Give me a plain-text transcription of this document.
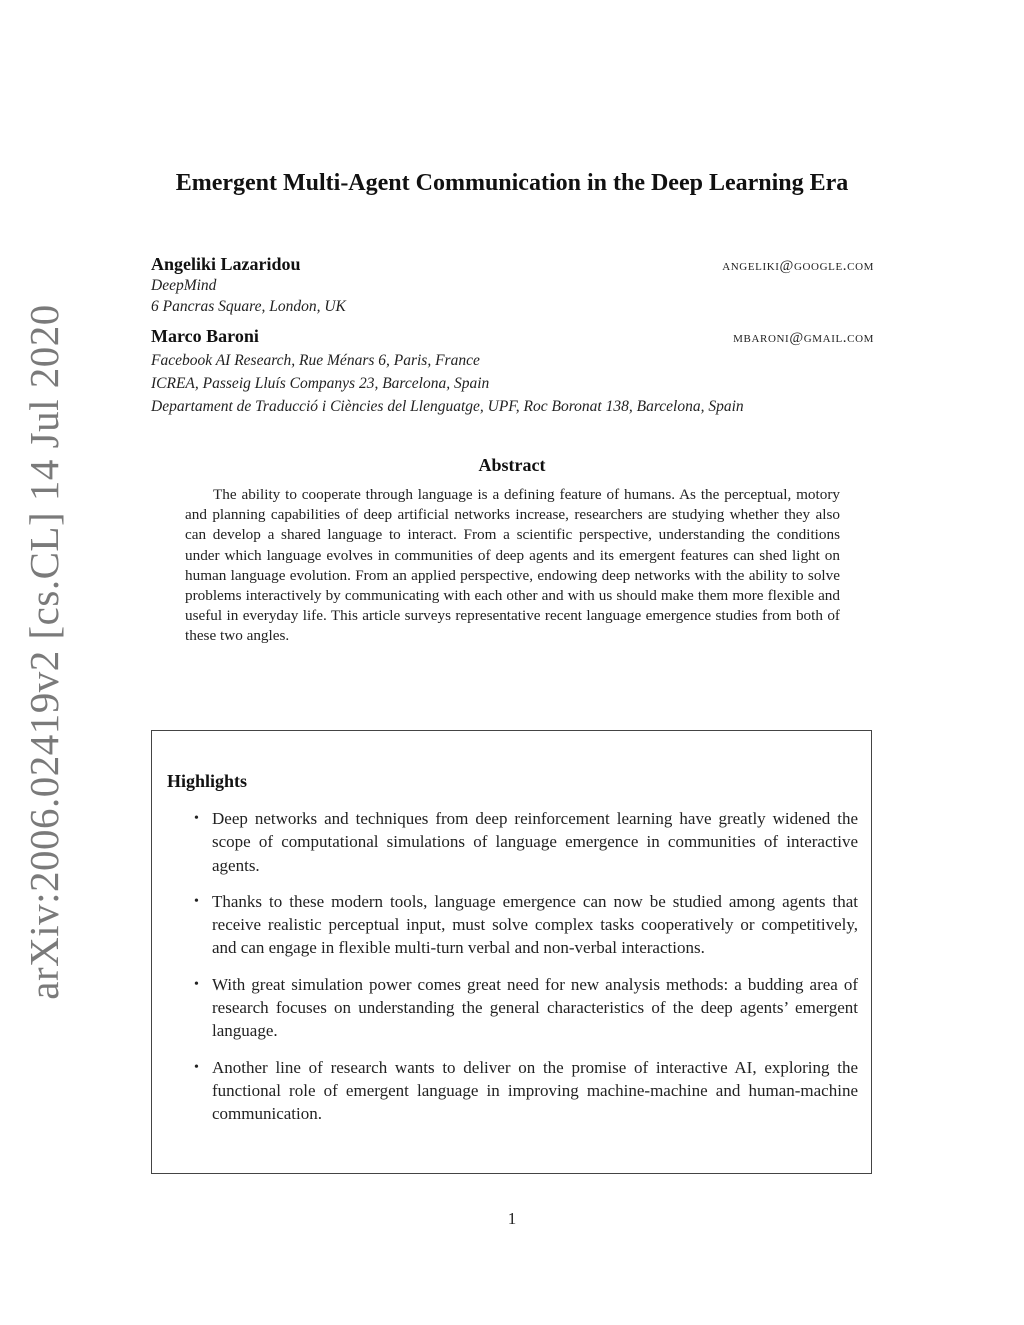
arXiv:2006.02419v2 [cs.CL] 14 Jul 2020
Emergent Multi-Agent Communication in the Deep Learning Era
Angeliki Lazaridou	angeliki@google.com
DeepMind
6 Pancras Square, London, UK
Marco Baroni	mbaroni@gmail.com
Facebook AI Research, Rue Ménars 6, Paris, France
ICREA, Passeig Lluís Companys 23, Barcelona, Spain
Departament de Traducció i Ciències del Llenguatge, UPF, Roc Boronat 138, Barcelona, Spain
Abstract

The ability to cooperate through language is a defining feature of humans. As the perceptual, motory and planning capabilities of deep artificial networks increase, researchers are studying whether they also can develop a shared language to interact. From a scientific perspective, understanding the conditions under which language evolves in communities of deep agents and its emergent features can shed light on human language evolution. From an applied perspective, endowing deep networks with the ability to solve problems interactively by communicating with each other and with us should make them more flexible and useful in everyday life. This article surveys representative recent language emergence studies from both of these two angles.

Highlights
• Deep networks and techniques from deep reinforcement learning have greatly widened the scope of computational simulations of language emergence in communities of interactive agents.
• Thanks to these modern tools, language emergence can now be studied among agents that receive realistic perceptual input, must solve complex tasks cooperatively or competitively, and can engage in flexible multi-turn verbal and non-verbal interactions.
• With great simulation power comes great need for new analysis methods: a budding area of research focuses on understanding the general characteristics of the deep agents’ emergent language.
• Another line of research wants to deliver on the promise of interactive AI, exploring the functional role of emergent language in improving machine-machine and human-machine communication.
1
